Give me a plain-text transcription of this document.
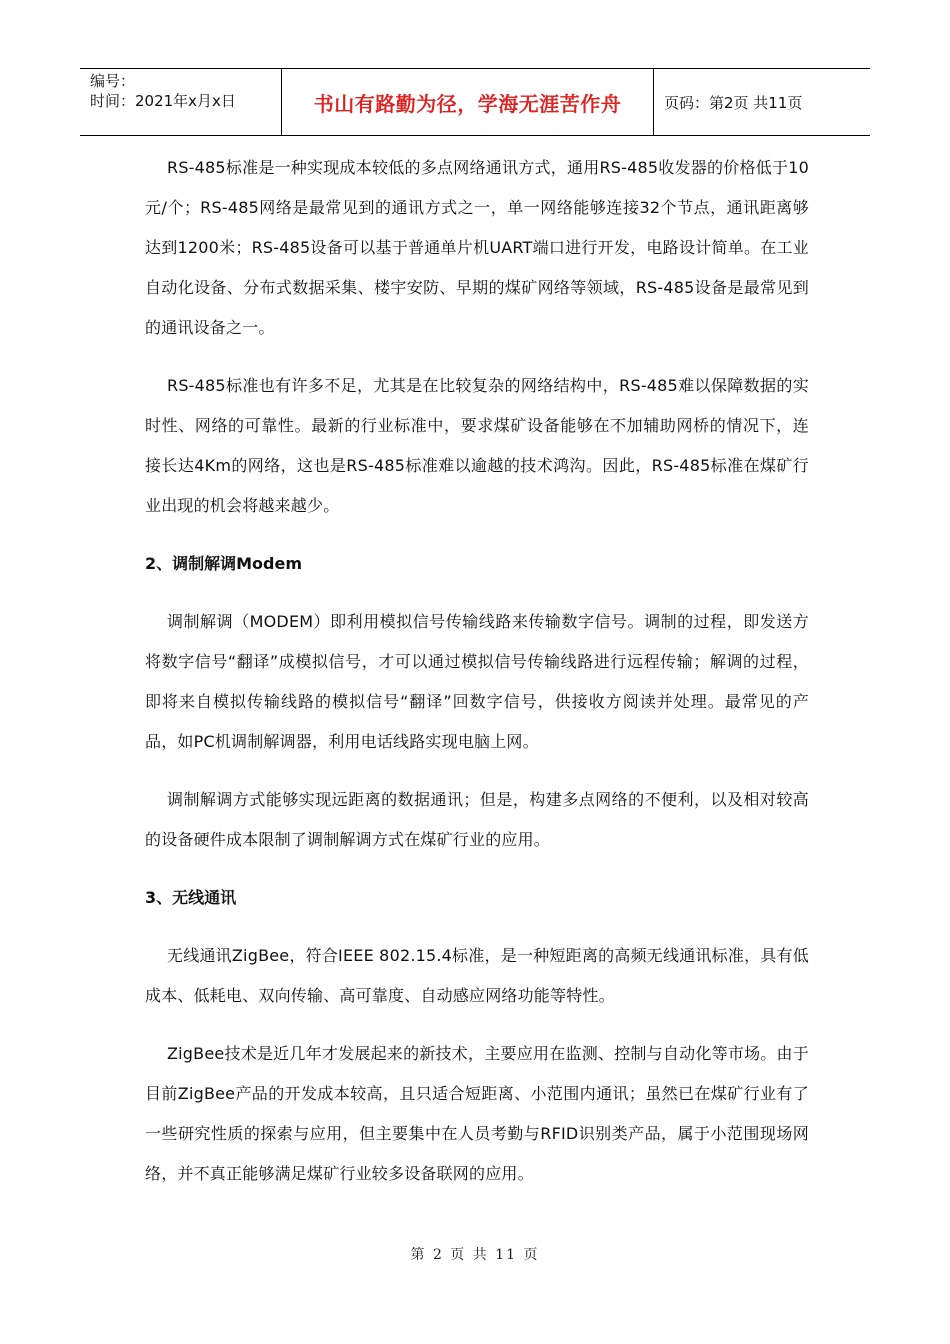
编号：
时间：2021年x月x日	书山有路勤为径，学海无涯苦作舟	页码：第2页 共11页

RS-485标准是一种实现成本较低的多点网络通讯方式，通用RS-485收发器的价格低于10元/个；RS-485网络是最常见到的通讯方式之一，单一网络能够连接32个节点，通讯距离够达到1200米；RS-485设备可以基于普通单片机UART端口进行开发，电路设计简单。在工业自动化设备、分布式数据采集、楼宇安防、早期的煤矿网络等领域，RS-485设备是最常见到的通讯设备之一。

RS-485标准也有许多不足，尤其是在比较复杂的网络结构中，RS-485难以保障数据的实时性、网络的可靠性。最新的行业标准中，要求煤矿设备能够在不加辅助网桥的情况下，连接长达4Km的网络，这也是RS-485标准难以逾越的技术鸿沟。因此，RS-485标准在煤矿行业出现的机会将越来越少。

2、调制解调Modem

调制解调（MODEM）即利用模拟信号传输线路来传输数字信号。调制的过程，即发送方将数字信号“翻译”成模拟信号，才可以通过模拟信号传输线路进行远程传输；解调的过程，即将来自模拟传输线路的模拟信号“翻译”回数字信号，供接收方阅读并处理。最常见的产品，如PC机调制解调器，利用电话线路实现电脑上网。

调制解调方式能够实现远距离的数据通讯；但是，构建多点网络的不便利，以及相对较高的设备硬件成本限制了调制解调方式在煤矿行业的应用。

3、无线通讯

无线通讯ZigBee，符合IEEE 802.15.4标准，是一种短距离的高频无线通讯标准，具有低成本、低耗电、双向传输、高可靠度、自动感应网络功能等特性。

ZigBee技术是近几年才发展起来的新技术，主要应用在监测、控制与自动化等市场。由于目前ZigBee产品的开发成本较高，且只适合短距离、小范围内通讯；虽然已在煤矿行业有了一些研究性质的探索与应用，但主要集中在人员考勤与RFID识别类产品，属于小范围现场网络，并不真正能够满足煤矿行业较多设备联网的应用。

第 2 页 共 11 页
